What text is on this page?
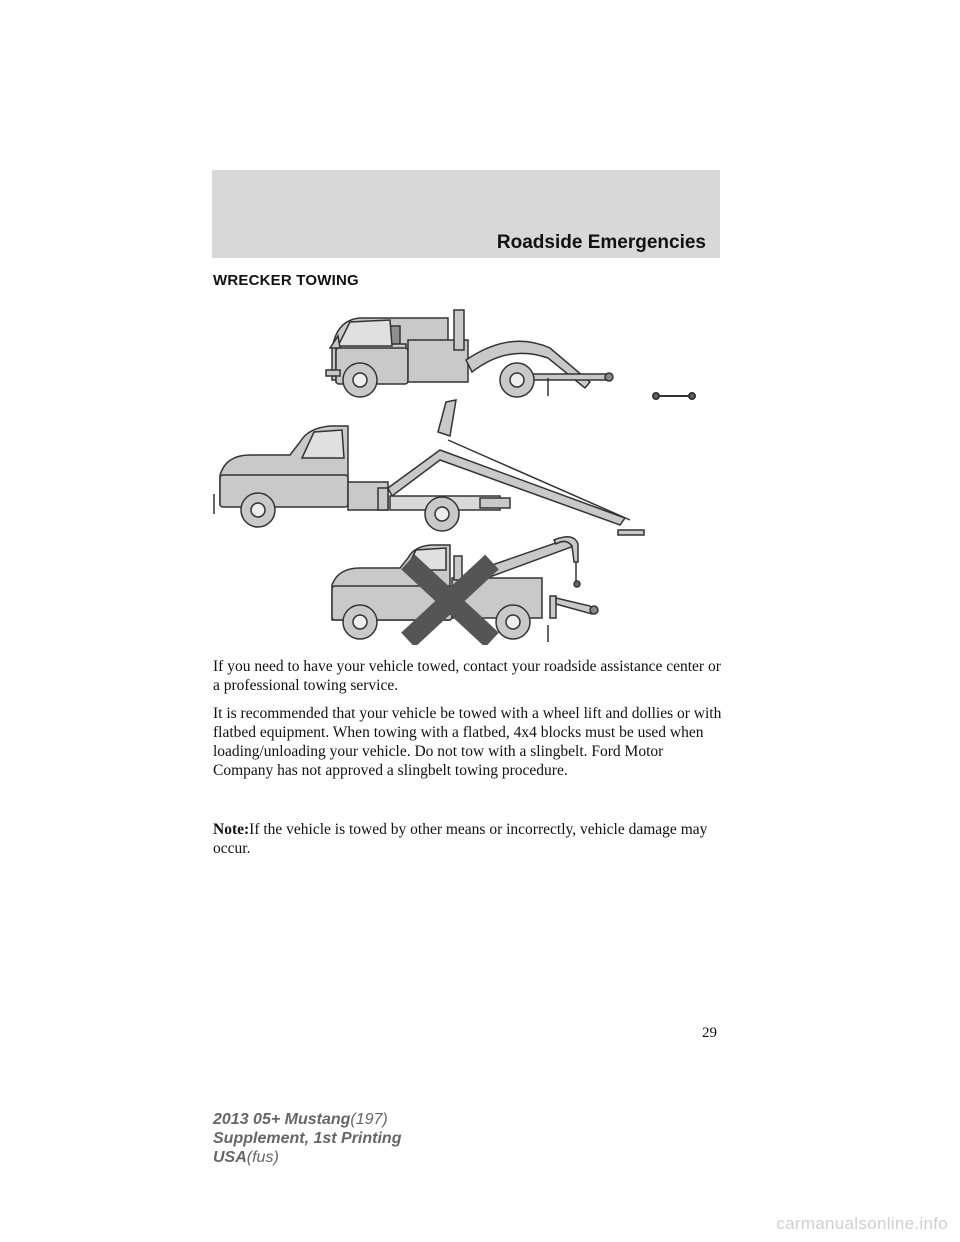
Roadside Emergencies
WRECKER TOWING

If you need to have your vehicle towed, contact your roadside assistance center or a professional towing service.

It is recommended that your vehicle be towed with a wheel lift and dollies or with flatbed equipment. When towing with a flatbed, 4x4 blocks must be used when loading/unloading your vehicle. Do not tow with a slingbelt. Ford Motor Company has not approved a slingbelt towing procedure.

Note:If the vehicle is towed by other means or incorrectly, vehicle damage may occur.

29
2013 05+ Mustang(197)
Supplement, 1st Printing
USA(fus)
carmanualsonline.info
